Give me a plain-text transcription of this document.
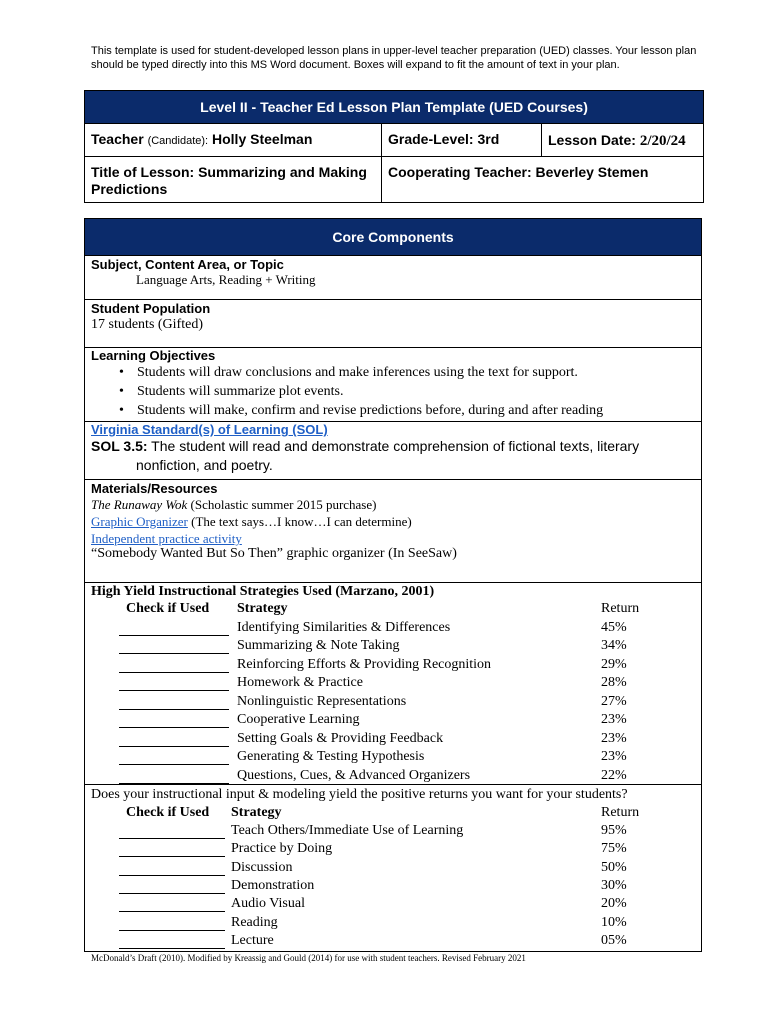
This template is used for student-developed lesson plans in upper-level teacher preparation (UED) classes. Your lesson plan should be typed directly into this MS Word document. Boxes will expand to fit the amount of text in your plan.
Level II - Teacher Ed Lesson Plan Template (UED Courses)		
Teacher (Candidate): Holly Steelman	Grade-Level: 3rd	Lesson Date: 2/20/24
Title of Lesson: Summarizing and Making Predictions	Cooperating Teacher: Beverley Stemen	
Core Components
Subject, Content Area, or Topic
Language Arts, Reading + Writing
Student Population
17 students (Gifted)
Learning Objectives
• Students will draw conclusions and make inferences using the text for support.
• Students will summarize plot events.
• Students will make, confirm and revise predictions before, during and after reading
Virginia Standard(s) of Learning (SOL)
SOL 3.5: The student will read and demonstrate comprehension of fictional texts, literary
nonfiction, and poetry.
Materials/Resources
The Runaway Wok (Scholastic summer 2015 purchase)
Graphic Organizer (The text says…I know…I can determine)
Independent practice activity
“Somebody Wanted But So Then” graphic organizer (In SeeSaw)
High Yield Instructional Strategies Used (Marzano, 2001)
Check if Used Strategy	Return
Identifying Similarities & Differences	45%
Summarizing & Note Taking	34%
Reinforcing Efforts & Providing Recognition	29%
Homework & Practice	28%
Nonlinguistic Representations	27%
Cooperative Learning	23%
Setting Goals & Providing Feedback	23%
Generating & Testing Hypothesis	23%
Questions, Cues, & Advanced Organizers	22%
Does your instructional input & modeling yield the positive returns you want for your students?
Check if Used Strategy	Return
Teach Others/Immediate Use of Learning	95%
Practice by Doing	75%
Discussion	50%
Demonstration	30%
Audio Visual	20%
Reading	10%
Lecture	05%
McDonald’s Draft (2010). Modified by Kreassig and Gould (2014) for use with student teachers. Revised February 2021
